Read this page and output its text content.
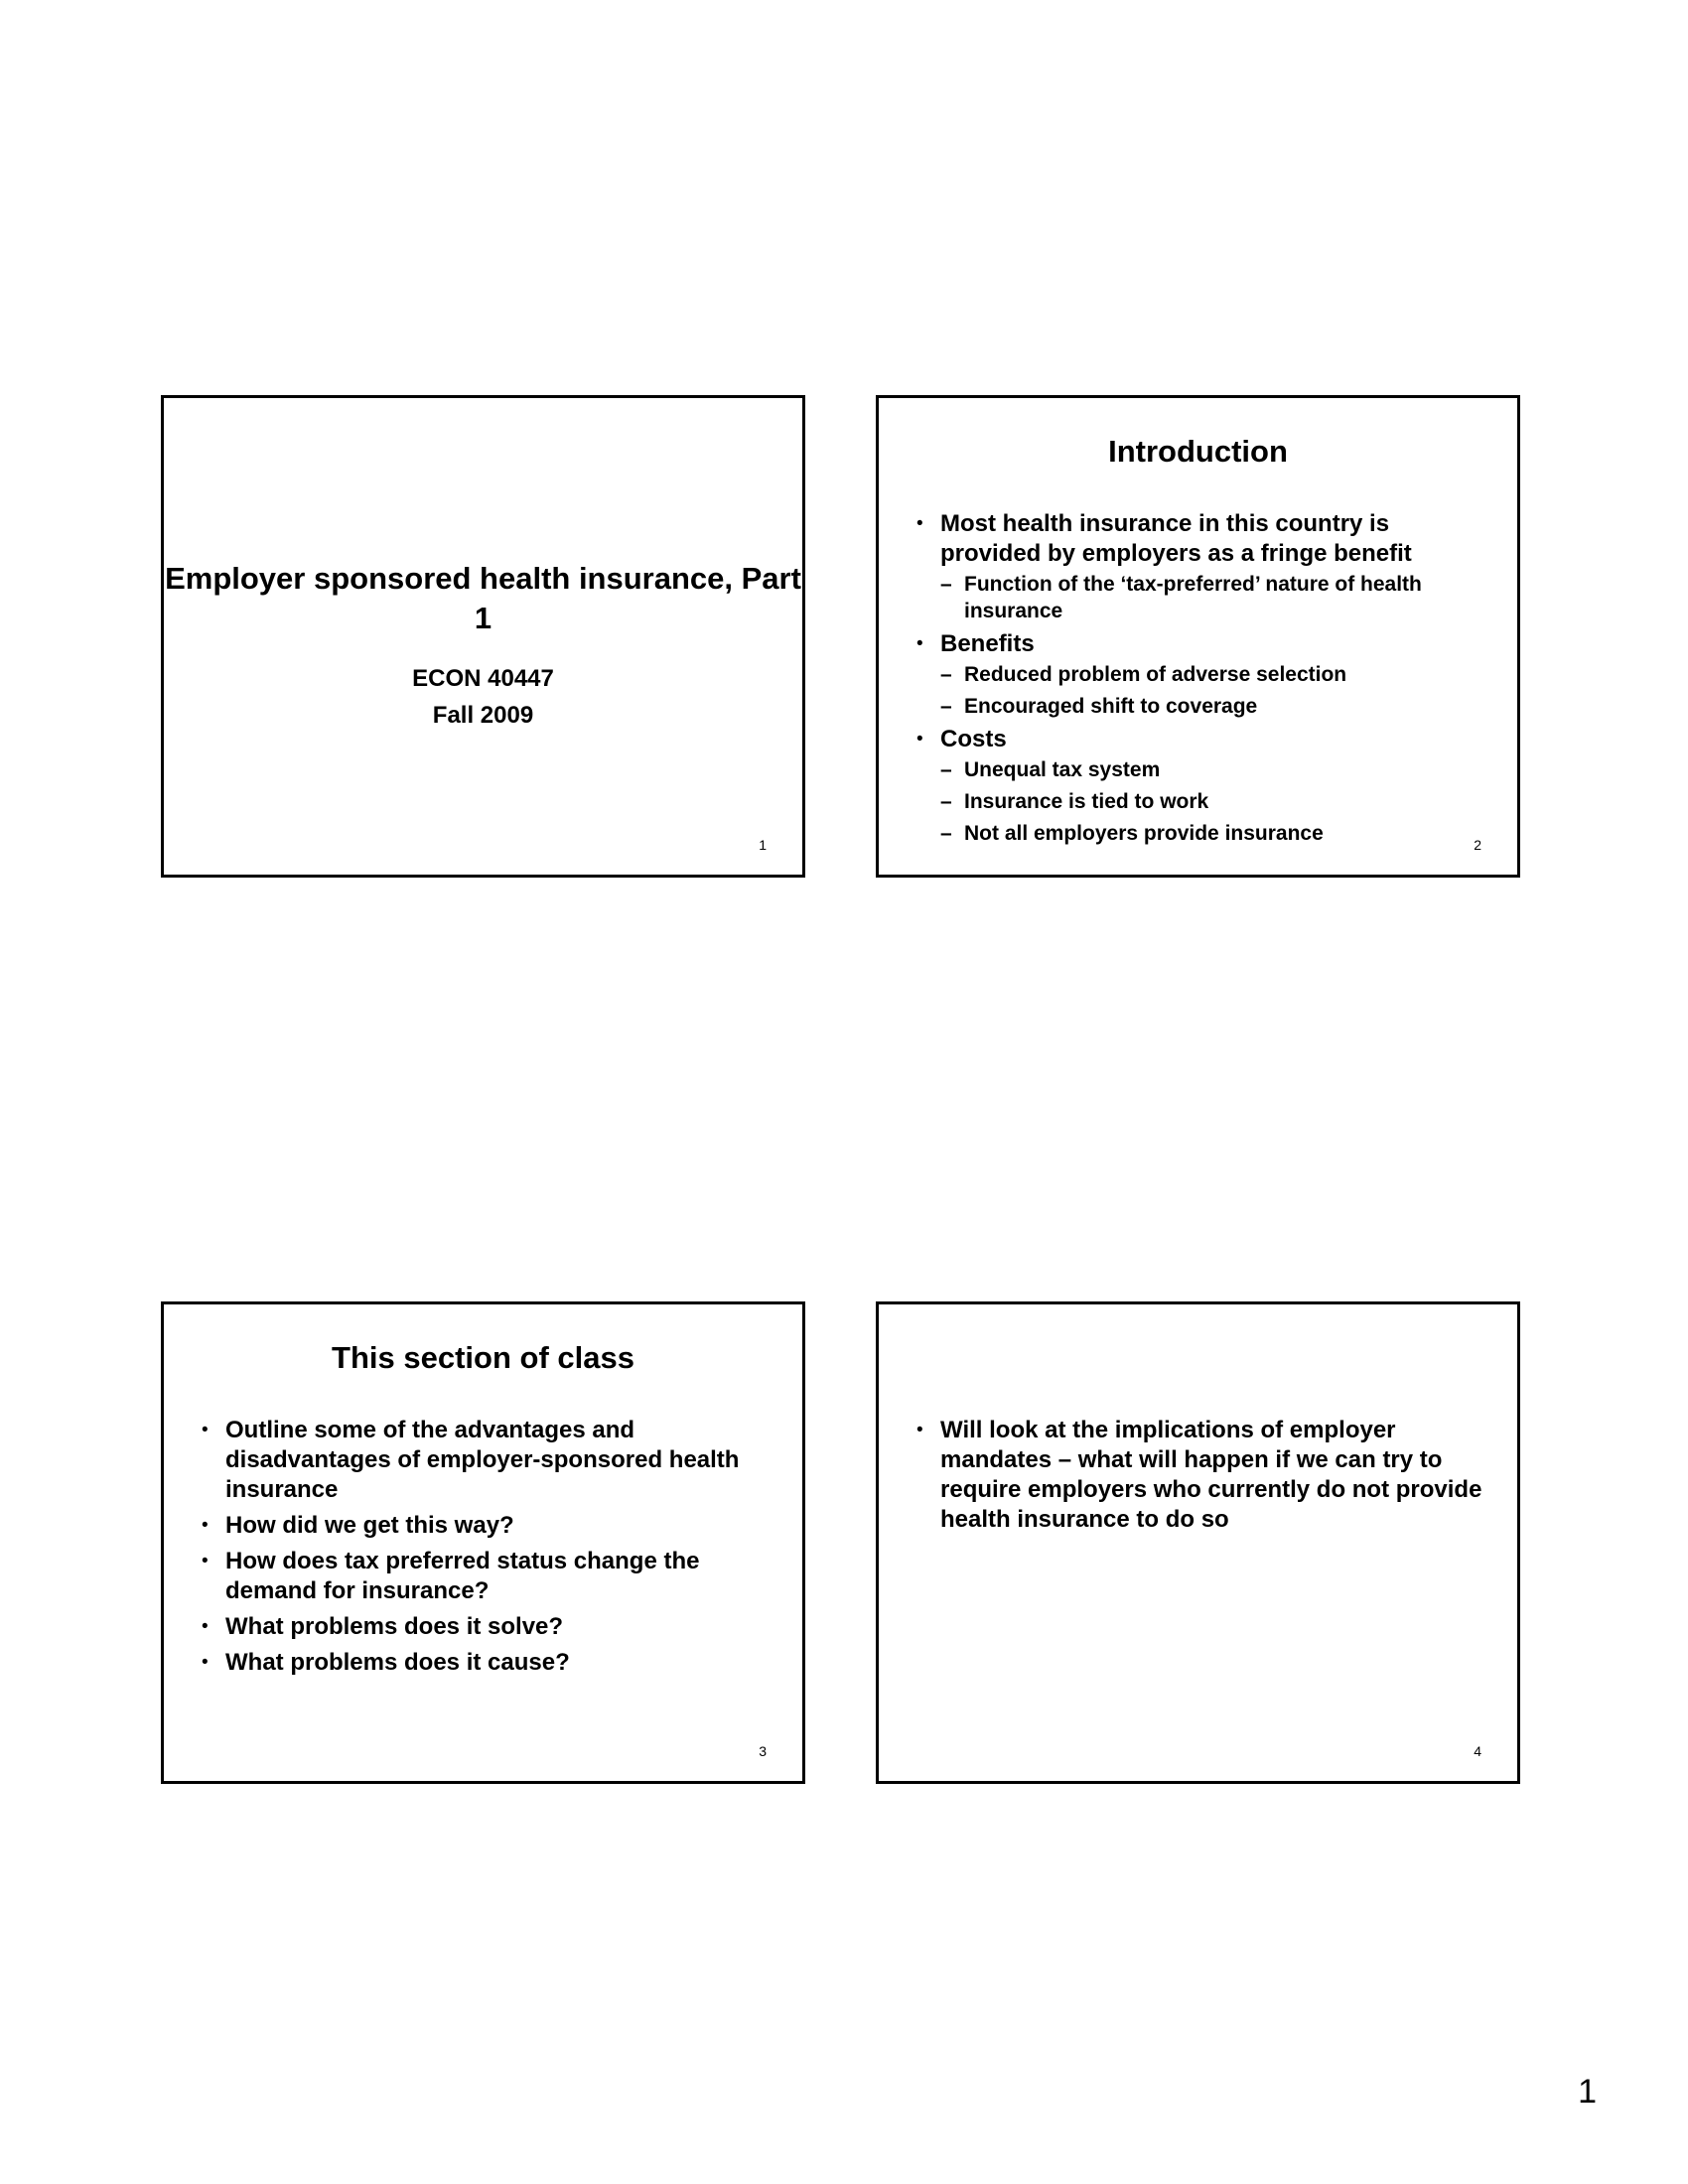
Employer sponsored health insurance, Part 1
ECON 40447
Fall 2009
1
Introduction
• Most health insurance in this country is provided by employers as a fringe benefit
– Function of the ‘tax-preferred’ nature of health insurance
• Benefits
– Reduced problem of adverse selection
– Encouraged shift to coverage
• Costs
– Unequal tax system
– Insurance is tied to work
– Not all employers provide insurance	2
This section of class
• Outline some of the advantages and disadvantages of employer-sponsored health insurance
• How did we get this way?
• How does tax preferred status change the demand for insurance?
• What problems does it solve?
• What problems does it cause?
3
• Will look at the implications of employer mandates – what will happen if we can try to require employers who currently do not provide health insurance to do so
4
1
